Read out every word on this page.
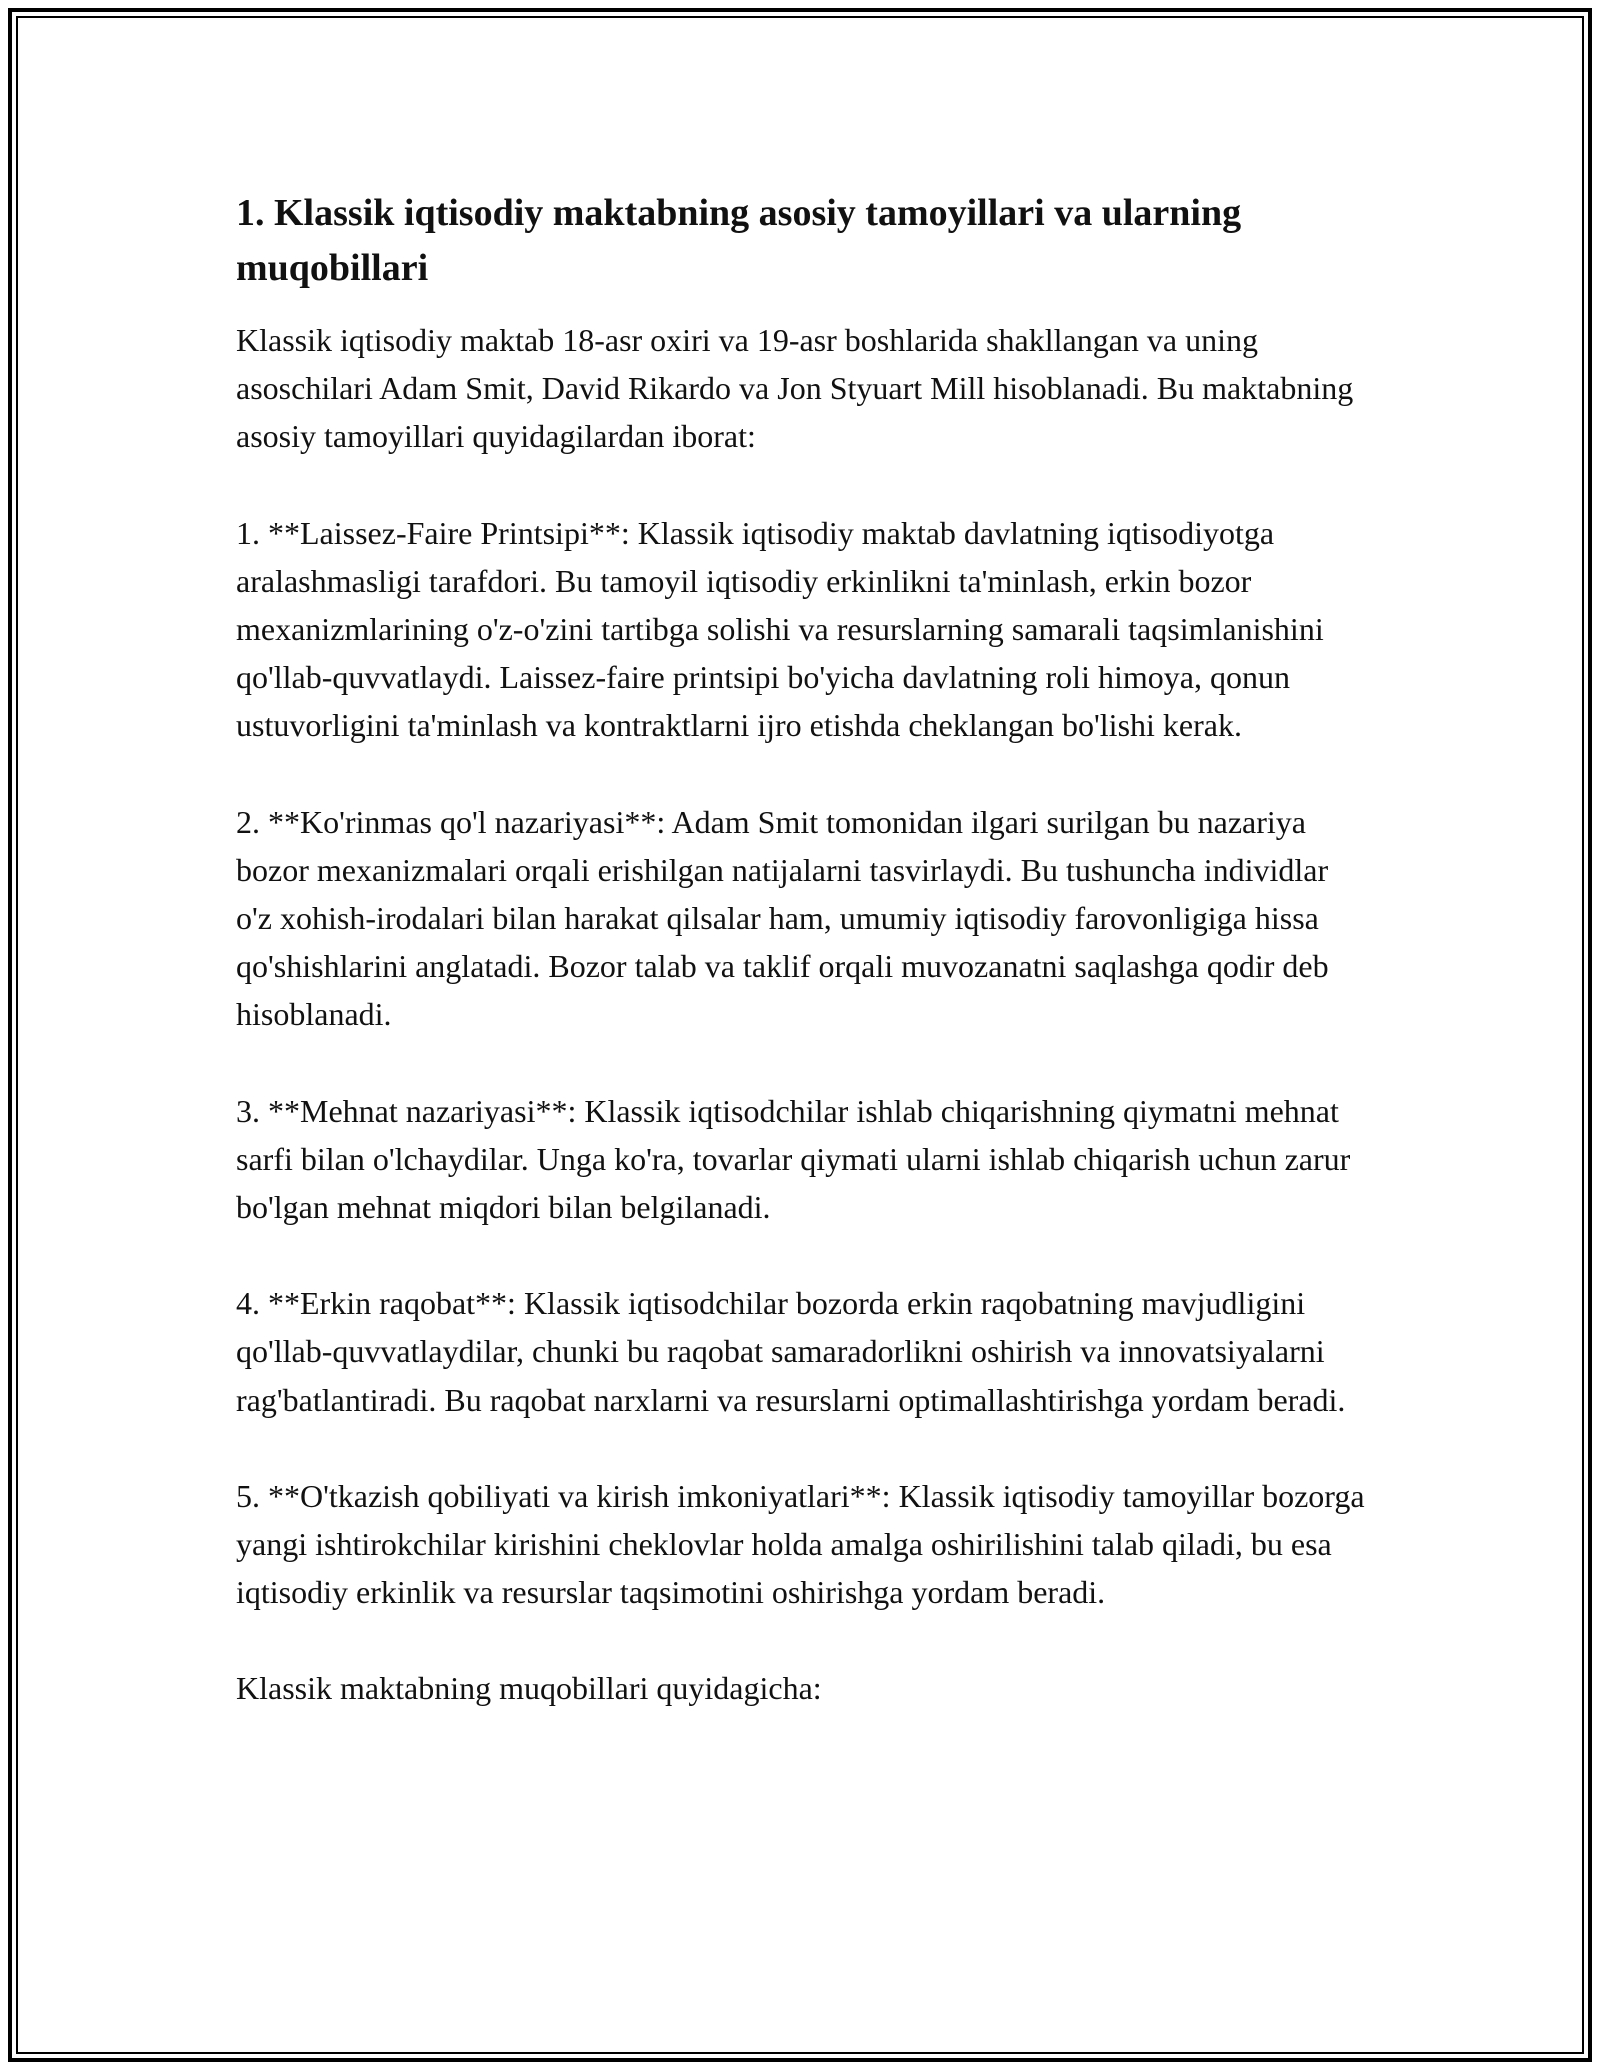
1. Klassik iqtisodiy maktabning asosiy tamoyillari va ularning muqobillari

Klassik iqtisodiy maktab 18-asr oxiri va 19-asr boshlarida shakllangan va uning asoschilari Adam Smit, David Rikardo va Jon Styuart Mill hisoblanadi. Bu maktabning asosiy tamoyillari quyidagilardan iborat:

1. **Laissez-Faire Printsipi**: Klassik iqtisodiy maktab davlatning iqtisodiyotga aralashmasligi tarafdori. Bu tamoyil iqtisodiy erkinlikni ta'minlash, erkin bozor mexanizmlarining o'z-o'zini tartibga solishi va resurslarning samarali taqsimlanishini qo'llab-quvvatlaydi. Laissez-faire printsipi bo'yicha davlatning roli himoya, qonun ustuvorligini ta'minlash va kontraktlarni ijro etishda cheklangan bo'lishi kerak.

2. **Ko'rinmas qo'l nazariyasi**: Adam Smit tomonidan ilgari surilgan bu nazariya bozor mexanizmalari orqali erishilgan natijalarni tasvirlaydi. Bu tushuncha individlar o'z xohish-irodalari bilan harakat qilsalar ham, umumiy iqtisodiy farovonligiga hissa qo'shishlarini anglatadi. Bozor talab va taklif orqali muvozanatni saqlashga qodir deb hisoblanadi.

3. **Mehnat nazariyasi**: Klassik iqtisodchilar ishlab chiqarishning qiymatni mehnat sarfi bilan o'lchaydilar. Unga ko'ra, tovarlar qiymati ularni ishlab chiqarish uchun zarur bo'lgan mehnat miqdori bilan belgilanadi.

4. **Erkin raqobat**: Klassik iqtisodchilar bozorda erkin raqobatning mavjudligini qo'llab-quvvatlaydilar, chunki bu raqobat samaradorlikni oshirish va innovatsiyalarni rag'batlantiradi. Bu raqobat narxlarni va resurslarni optimallashtirishga yordam beradi.

5. **O'tkazish qobiliyati va kirish imkoniyatlari**: Klassik iqtisodiy tamoyillar bozorga yangi ishtirokchilar kirishini cheklovlar holda amalga oshirilishini talab qiladi, bu esa iqtisodiy erkinlik va resurslar taqsimotini oshirishga yordam beradi.

Klassik maktabning muqobillari quyidagicha:
